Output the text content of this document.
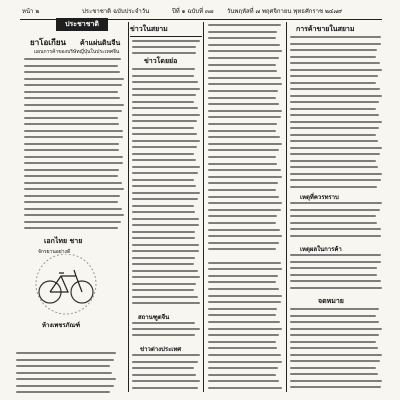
หน้า ๒	ประชาชาติ ฉบับประจำวัน	ปีที่ ๑ ฉบับที่ ๓๗ วันพฤหัสที่ ๗ พฤศจิกายน พุทธศักราช ๒๔๗๙
ประชาชาติ
ยาโอเกียน ค้าแผ่นดินจีน
แผนการค้าของบริษัทญี่ปุ่นในประเทศจีน
เอกไทย ชาย
จักรยานอย่างดี
ห้างเพชรภัณฑ์
ข่าวในสยาม
ข่าวโดยย่อ
สถานฑูตจีน
ข่าวต่างประเทศ
การค้าขายในสยาม
เหตุที่ควรทราบ
เหตุผลในการค้า
จดหมาย
